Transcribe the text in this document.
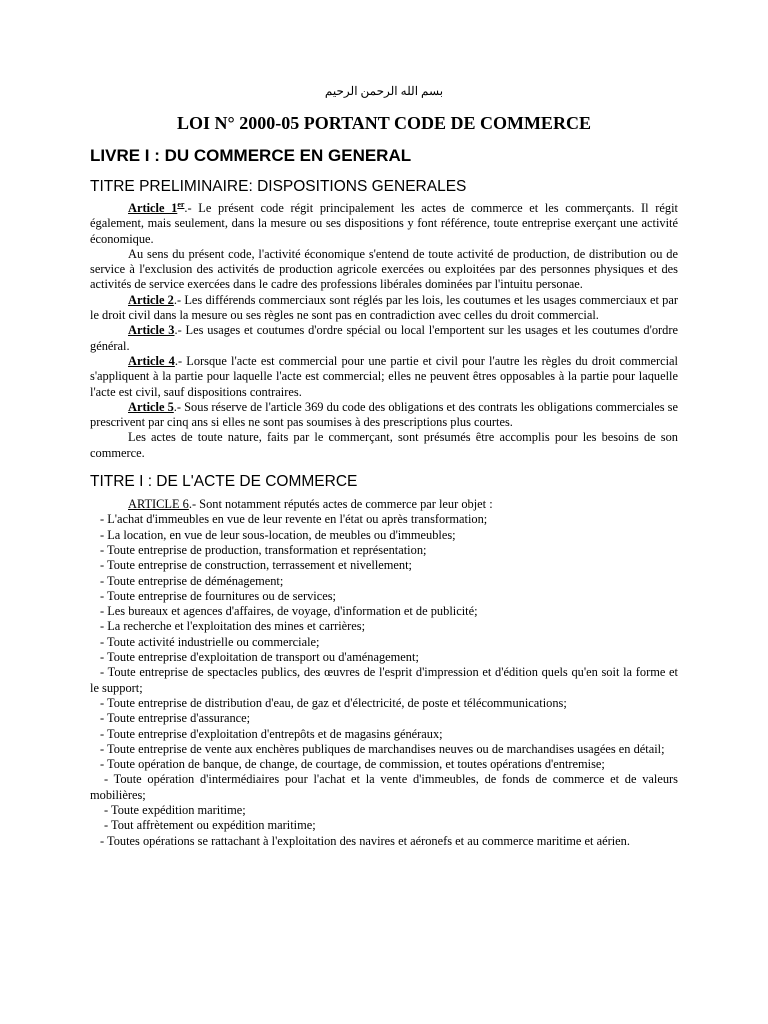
بسم الله الرحمن الرحيم

LOI N° 2000-05 PORTANT CODE DE COMMERCE

LIVRE I : DU COMMERCE EN GENERAL

TITRE PRELIMINAIRE: DISPOSITIONS GENERALES

Article 1er.- Le présent code régit principalement les actes de commerce et les commerçants. Il régit également, mais seulement, dans la mesure ou ses dispositions y font référence, toute entreprise exerçant une activité économique.

Au sens du présent code, l'activité économique s'entend de toute activité de production, de distribution ou de service à l'exclusion des activités de production agricole exercées ou exploitées par des personnes physiques et des activités de service exercées dans le cadre des professions libérales dominées par l'intuitu personae.

Article 2.- Les différends commerciaux sont réglés par les lois, les coutumes et les usages commerciaux et par le droit civil dans la mesure ou ses règles ne sont pas en contradiction avec celles du droit commercial.

Article 3.- Les usages et coutumes d'ordre spécial ou local l'emportent sur les usages et les coutumes d'ordre général.

Article 4.- Lorsque l'acte est commercial pour une partie et civil pour l'autre les règles du droit commercial s'appliquent à la partie pour laquelle l'acte est commercial; elles ne peuvent êtres opposables à la partie pour laquelle l'acte est civil, sauf dispositions contraires.

Article 5.- Sous réserve de l'article 369 du code des obligations et des contrats les obligations commerciales se prescrivent par cinq ans si elles ne sont pas soumises à des prescriptions plus courtes.

Les actes de toute nature, faits par le commerçant, sont présumés être accomplis pour les besoins de son commerce.

TITRE I : DE L'ACTE DE COMMERCE

ARTICLE 6.- Sont notamment réputés actes de commerce par leur objet :

- L'achat d'immeubles en vue de leur revente en l'état ou après transformation;

- La location, en vue de leur sous-location, de meubles ou d'immeubles;

- Toute entreprise de production, transformation et représentation;

- Toute entreprise de construction, terrassement et nivellement;

- Toute entreprise de déménagement;

- Toute entreprise de fournitures ou de services;

- Les bureaux et agences d'affaires, de voyage, d'information et de publicité;

- La recherche et l'exploitation des mines et carrières;

- Toute activité industrielle ou commerciale;

- Toute entreprise d'exploitation de transport ou d'aménagement;

- Toute entreprise de spectacles publics, des œuvres de l'esprit d'impression et d'édition quels qu'en soit la forme et le support;

- Toute entreprise de distribution d'eau, de gaz et d'électricité, de poste et télécommunications;

- Toute entreprise d'assurance;

- Toute entreprise d'exploitation d'entrepôts et de magasins généraux;

- Toute entreprise de vente aux enchères publiques de marchandises neuves ou de marchandises usagées en détail;

- Toute opération de banque, de change, de courtage, de commission, et toutes opérations d'entremise;

- Toute opération d'intermédiaires pour l'achat et la vente d'immeubles, de fonds de commerce et de valeurs mobilières;

- Toute expédition maritime;

- Tout affrètement ou expédition maritime;

- Toutes opérations se rattachant à l'exploitation des navires et aéronefs et au commerce maritime et aérien.
